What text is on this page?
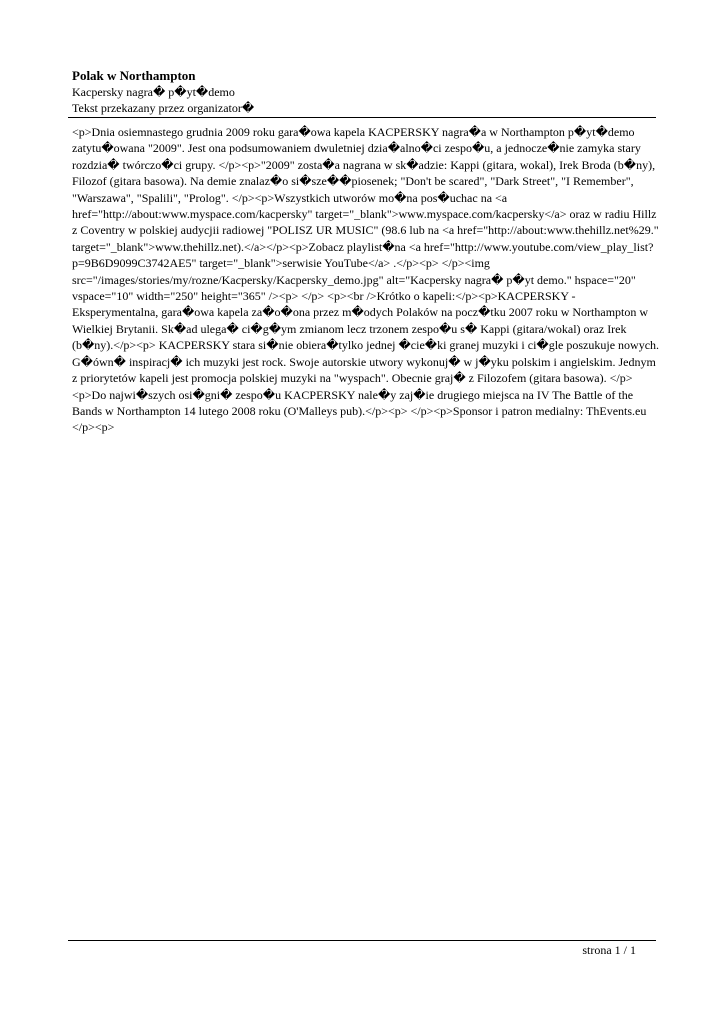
Polak w Northampton
Kacpersky nagra� p�yt�demo
Tekst przekazany przez organizator�
<p>Dnia osiemnastego grudnia 2009 roku gara�owa kapela KACPERSKY nagra�a w Northampton p�yt�demo zatytu�owana "2009". Jest ona podsumowaniem dwuletniej dzia�alno�ci zespo�u, a jednocze�nie zamyka stary rozdzia� twórczo�ci grupy. </p><p>"2009" zosta�a nagrana w sk�adzie: Kappi (gitara, wokal), Irek Broda (b�ny), Filozof (gitara basowa). Na demie znalaz�o si�sze��piosenek; "Don't be scared", "Dark Street", "I Remember", "Warszawa", "Spalili", "Prolog". </p><p>Wszystkich utworów mo�na pos�uchac na <a href="http://about:www.myspace.com/kacpersky" target="_blank">www.myspace.com/kacpersky</a> oraz w radiu Hillz z Coventry w polskiej audycjii radiowej "POLISZ UR MUSIC" (98.6 lub na <a href="http://about:www.thehillz.net%29." target="_blank">www.thehillz.net).</a></p><p>Zobacz playlist�na <a href="http://www.youtube.com/view_play_list?p=9B6D9099C3742AE5" target="_blank">serwisie YouTube</a> .</p><p> </p><img src="/images/stories/my/rozne/Kacpersky/Kacpersky_demo.jpg" alt="Kacpersky nagra� p�yt demo." hspace="20" vspace="10" width="250" height="365" /><p> </p> <p><br />Krótko o kapeli:</p><p>KACPERSKY - Eksperymentalna, gara�owa kapela za�o�ona przez m�odych Polaków na pocz�tku 2007 roku w Northampton w Wielkiej Brytanii. Sk�ad ulega� ci�g�ym zmianom lecz trzonem zespo�u s� Kappi (gitara/wokal) oraz Irek (b�ny).</p><p> KACPERSKY stara si�nie obiera�tylko jednej �cie�ki granej muzyki i ci�gle poszukuje nowych. G�ówn� inspiracj� ich muzyki jest rock. Swoje autorskie utwory wykonuj� w j�yku polskim i angielskim. Jednym z priorytetów kapeli jest promocja polskiej muzyki na "wyspach". Obecnie graj� z Filozofem (gitara basowa). </p><p>Do najwi�szych osi�gni� zespo�u KACPERSKY nale�y zaj�ie drugiego miejsca na IV The Battle of the Bands w Northampton 14 lutego 2008 roku (O'Malleys pub).</p><p> </p><p>Sponsor i patron medialny: ThEvents.eu </p><p>
strona 1 / 1
